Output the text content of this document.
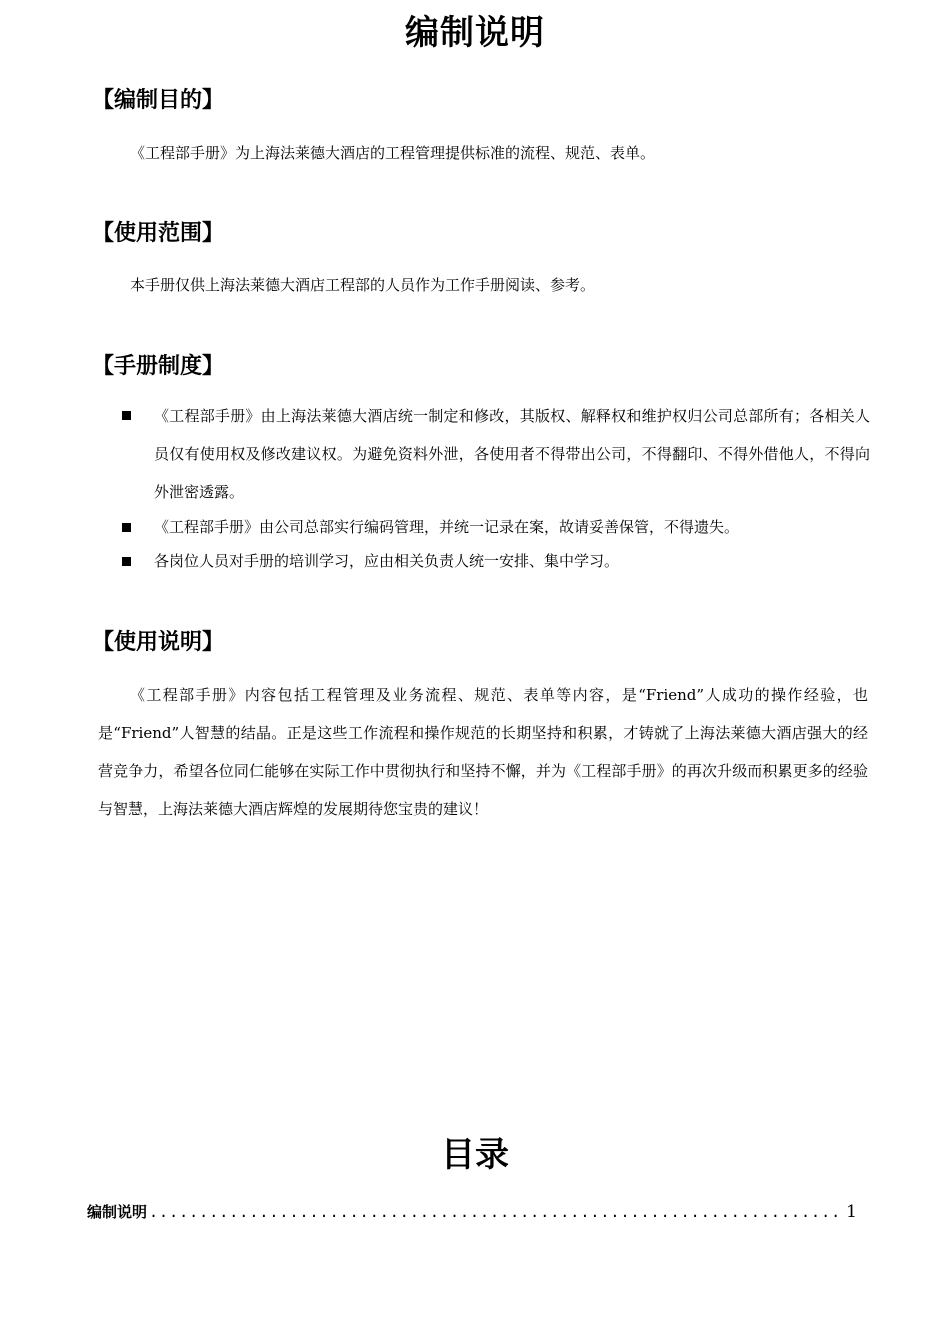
编制说明
【编制目的】
《工程部手册》为上海法莱德大酒店的工程管理提供标准的流程、规范、表单。
【使用范围】
本手册仅供上海法莱德大酒店工程部的人员作为工作手册阅读、参考。
【手册制度】
《工程部手册》由上海法莱德大酒店统一制定和修改，其版权、解释权和维护权归公司总部所有；各相关人员仅有使用权及修改建议权。为避免资料外泄，各使用者不得带出公司，不得翻印、不得外借他人，不得向外泄密透露。
《工程部手册》由公司总部实行编码管理，并统一记录在案，故请妥善保管，不得遗失。
各岗位人员对手册的培训学习，应由相关负责人统一安排、集中学习。
【使用说明】
《工程部手册》内容包括工程管理及业务流程、规范、表单等内容，是“Friend”人成功的操作经验，也是“Friend”人智慧的结晶。正是这些工作流程和操作规范的长期坚持和积累，才铸就了上海法莱德大酒店强大的经营竞争力，希望各位同仁能够在实际工作中贯彻执行和坚持不懈，并为《工程部手册》的再次升级而积累更多的经验与智慧，上海法莱德大酒店辉煌的发展期待您宝贵的建议！
目录
编制说明
.....	1
